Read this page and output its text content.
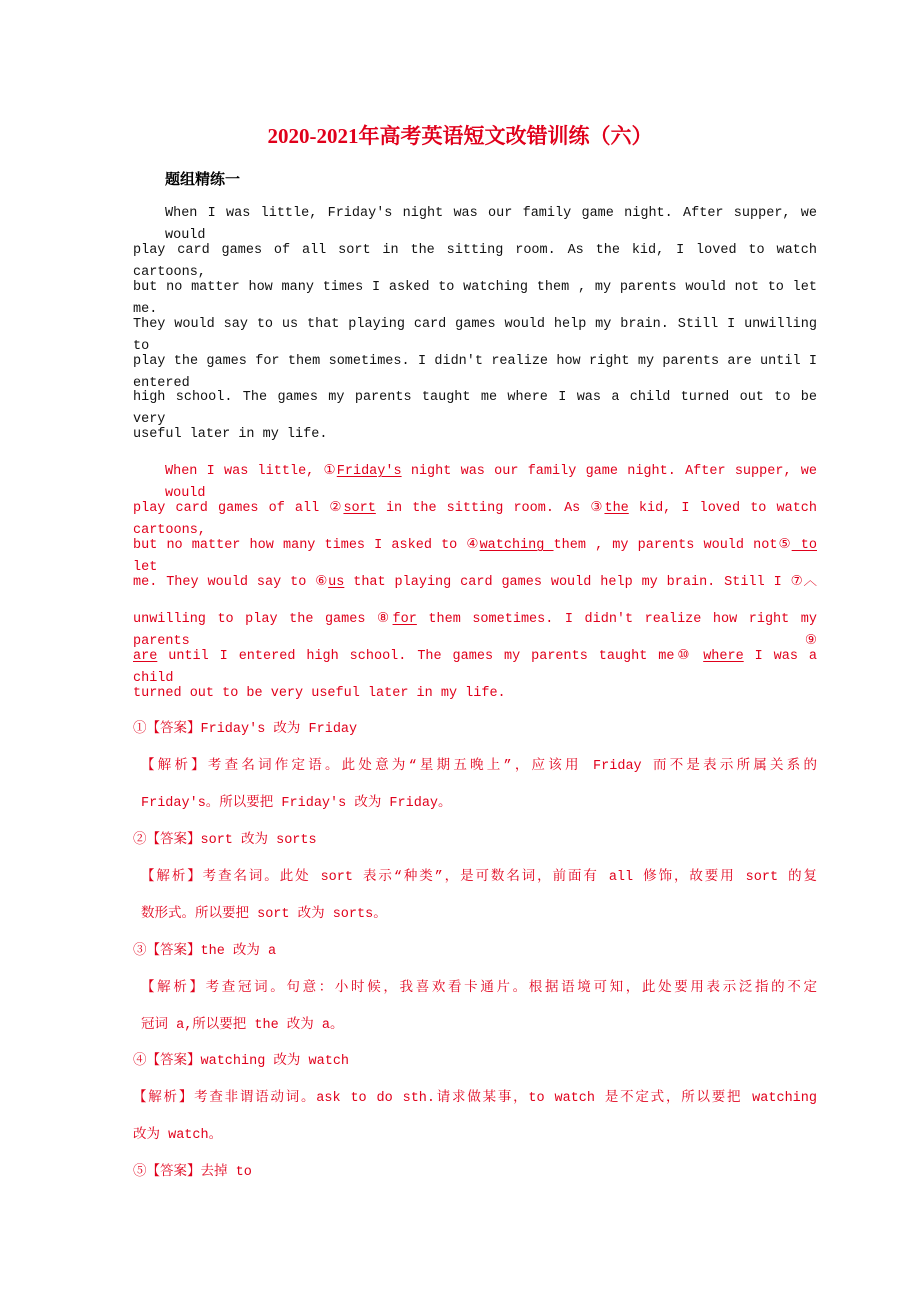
2020-2021年高考英语短文改错训练（六）
题组精练一
When I was little, Friday's night was our family game night. After supper, we would
play card games of all sort in the sitting room. As the kid, I loved to watch cartoons,
but no matter how many times I asked to watching them , my parents would not to let me.
They would say to us that playing card games would help my brain. Still I unwilling to
play the games for them sometimes. I didn't realize how right my parents are until I entered
high school. The games my parents taught me where I was a child turned out to be very
useful later in my life.
When I was little, ①Friday's night was our family game night. After supper, we would
play card games of all ②sort in the sitting room. As ③the kid, I loved to watch cartoons,
but no matter how many times I asked to ④watching them , my parents would not⑤ to let
me. They would say to ⑥us that playing card games would help my brain. Still I ⑦︿
unwilling to play the games ⑧for them sometimes. I didn't realize how right my parents⑨
are until I entered high school. The games my parents taught me⑩ where I was a child
turned out to be very useful later in my life.
①【答案】Friday's 改为 Friday
【解析】考查名词作定语。此处意为“星期五晚上”，应该用 Friday 而不是表示所属关系的
Friday's。所以要把 Friday's 改为 Friday。
②【答案】sort 改为 sorts
【解析】考查名词。此处 sort 表示“种类”，是可数名词，前面有 all 修饰，故要用 sort 的复
数形式。所以要把 sort 改为 sorts。
③【答案】the 改为 a
【解析】考查冠词。句意：小时候，我喜欢看卡通片。根据语境可知，此处要用表示泛指的不定
冠词 a,所以要把 the 改为 a。
④【答案】watching 改为 watch
【解析】考查非谓语动词。ask to do sth.请求做某事，to watch 是不定式，所以要把 watching
改为 watch。
⑤【答案】去掉 to
